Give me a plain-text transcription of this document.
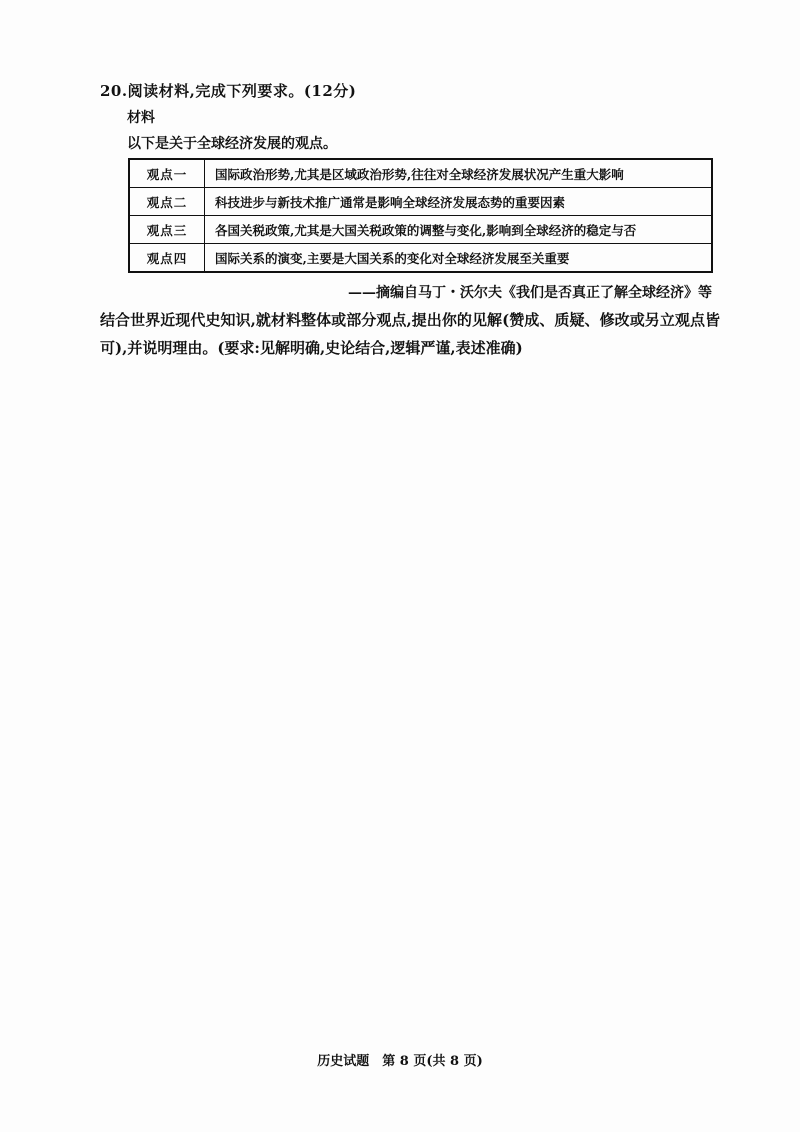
20.阅读材料,完成下列要求。(12分)
材料
以下是关于全球经济发展的观点。
观点一	国际政治形势,尤其是区域政治形势,往往对全球经济发展状况产生重大影响
观点二	科技进步与新技术推广通常是影响全球经济发展态势的重要因素
观点三	各国关税政策,尤其是大国关税政策的调整与变化,影响到全球经济的稳定与否
观点四	国际关系的演变,主要是大国关系的变化对全球经济发展至关重要
——摘编自马丁・沃尔夫《我们是否真正了解全球经济》等
结合世界近现代史知识,就材料整体或部分观点,提出你的见解(赞成、质疑、修改或另立观点皆可),并说明理由。(要求:见解明确,史论结合,逻辑严谨,表述准确)
历史试题　第 8 页(共 8 页)
